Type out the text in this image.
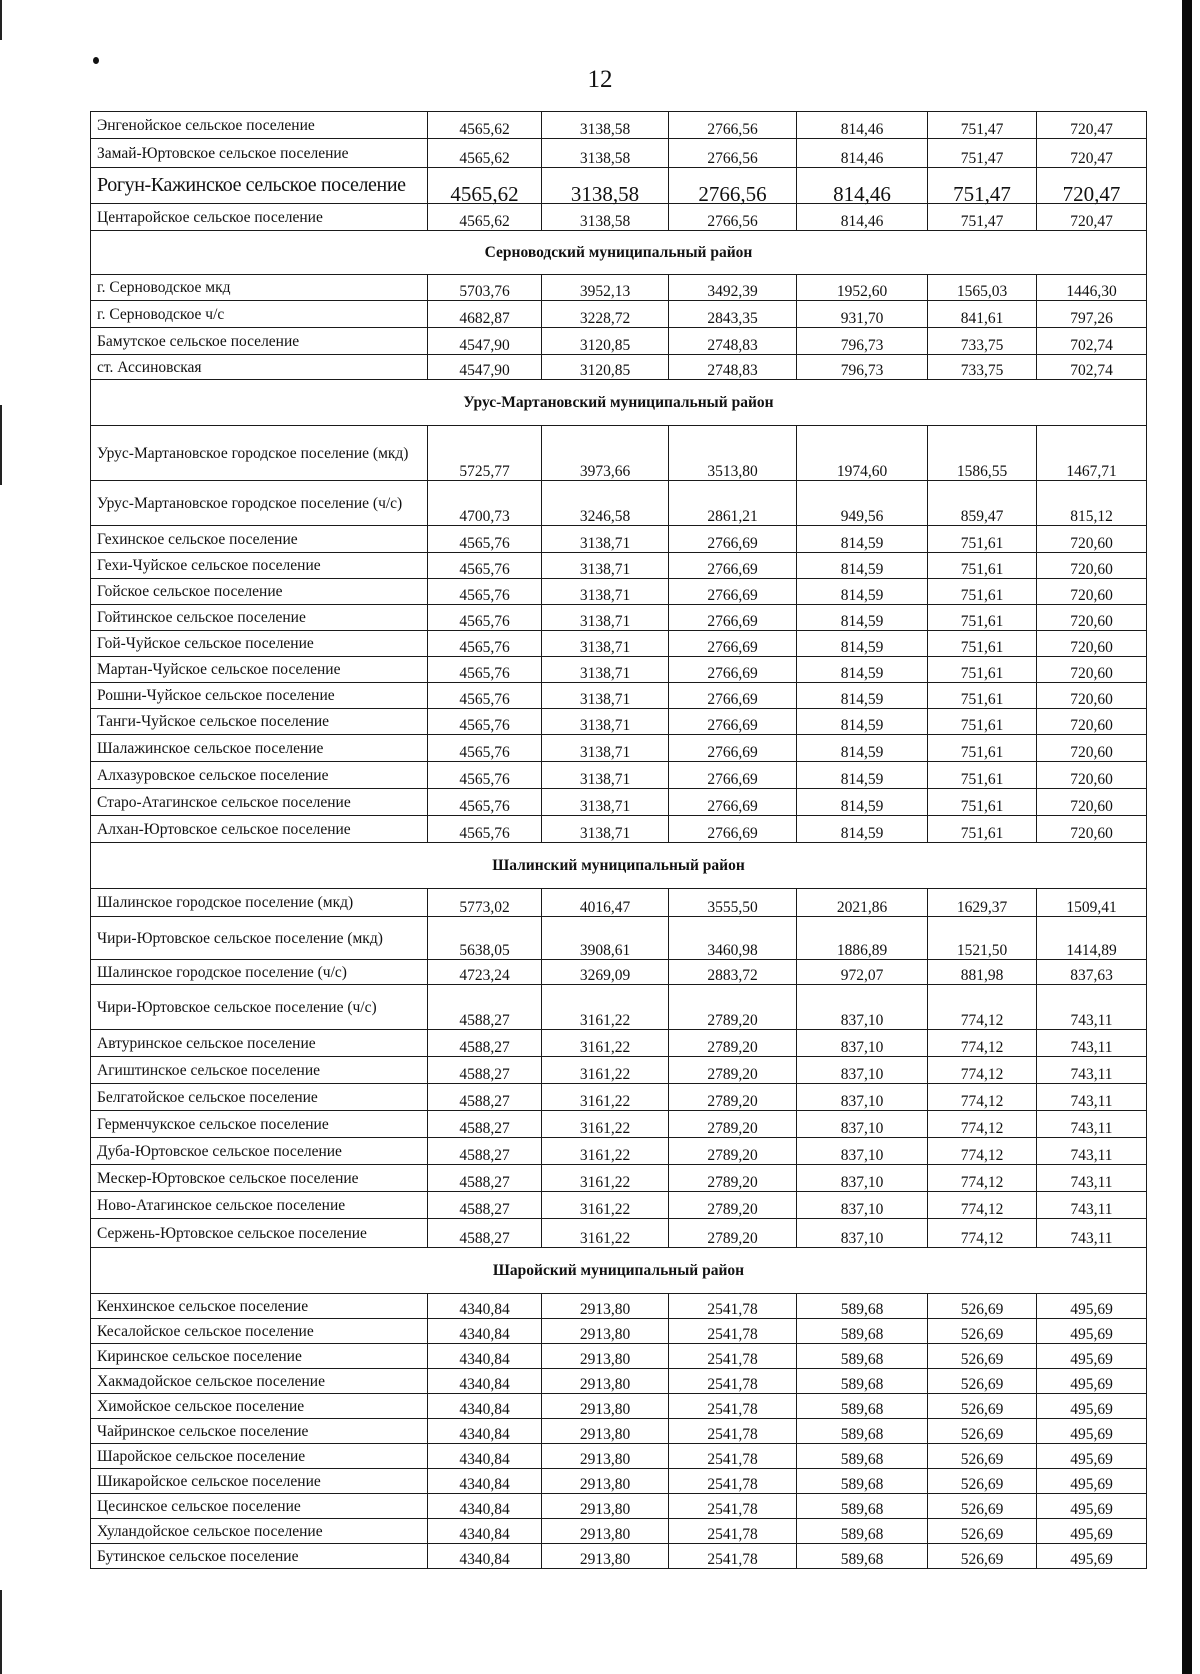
12
Энгенойское сельское поселение	4565,62	3138,58	2766,56	814,46	751,47	720,47
Замай-Юртовское сельское поселение	4565,62	3138,58	2766,56	814,46	751,47	720,47
Рогун-Кажинское сельское поселение	4565,62	3138,58	2766,56	814,46	751,47	720,47
Центаройское сельское поселение	4565,62	3138,58	2766,56	814,46	751,47	720,47
Серноводский муниципальный район						
г. Серноводское мкд	5703,76	3952,13	3492,39	1952,60	1565,03	1446,30
г. Серноводское ч/с	4682,87	3228,72	2843,35	931,70	841,61	797,26
Бамутское сельское поселение	4547,90	3120,85	2748,83	796,73	733,75	702,74
ст. Ассиновская	4547,90	3120,85	2748,83	796,73	733,75	702,74
Урус-Мартановский муниципальный район						
Урус-Мартановское городское поселение (мкд)	5725,77	3973,66	3513,80	1974,60	1586,55	1467,71
Урус-Мартановское городское поселение (ч/с)	4700,73	3246,58	2861,21	949,56	859,47	815,12
Гехинское сельское поселение	4565,76	3138,71	2766,69	814,59	751,61	720,60
Гехи-Чуйское сельское поселение	4565,76	3138,71	2766,69	814,59	751,61	720,60
Гойское сельское поселение	4565,76	3138,71	2766,69	814,59	751,61	720,60
Гойтинское сельское поселение	4565,76	3138,71	2766,69	814,59	751,61	720,60
Гой-Чуйское сельское поселение	4565,76	3138,71	2766,69	814,59	751,61	720,60
Мартан-Чуйское сельское поселение	4565,76	3138,71	2766,69	814,59	751,61	720,60
Рошни-Чуйское сельское поселение	4565,76	3138,71	2766,69	814,59	751,61	720,60
Танги-Чуйское сельское поселение	4565,76	3138,71	2766,69	814,59	751,61	720,60
Шалажинское сельское поселение	4565,76	3138,71	2766,69	814,59	751,61	720,60
Алхазуровское сельское поселение	4565,76	3138,71	2766,69	814,59	751,61	720,60
Старо-Атагинское сельское поселение	4565,76	3138,71	2766,69	814,59	751,61	720,60
Алхан-Юртовское сельское поселение	4565,76	3138,71	2766,69	814,59	751,61	720,60
Шалинский муниципальный район						
Шалинское городское поселение (мкд)	5773,02	4016,47	3555,50	2021,86	1629,37	1509,41
Чири-Юртовское сельское поселение (мкд)	5638,05	3908,61	3460,98	1886,89	1521,50	1414,89
Шалинское городское поселение (ч/с)	4723,24	3269,09	2883,72	972,07	881,98	837,63
Чири-Юртовское сельское поселение (ч/с)	4588,27	3161,22	2789,20	837,10	774,12	743,11
Автуринское сельское поселение	4588,27	3161,22	2789,20	837,10	774,12	743,11
Агиштинское сельское поселение	4588,27	3161,22	2789,20	837,10	774,12	743,11
Белгатойское сельское поселение	4588,27	3161,22	2789,20	837,10	774,12	743,11
Герменчукское сельское поселение	4588,27	3161,22	2789,20	837,10	774,12	743,11
Дуба-Юртовское сельское поселение	4588,27	3161,22	2789,20	837,10	774,12	743,11
Мескер-Юртовское сельское поселение	4588,27	3161,22	2789,20	837,10	774,12	743,11
Ново-Атагинское сельское поселение	4588,27	3161,22	2789,20	837,10	774,12	743,11
Сержень-Юртовское сельское поселение	4588,27	3161,22	2789,20	837,10	774,12	743,11
Шаройский муниципальный район						
Кенхинское сельское поселение	4340,84	2913,80	2541,78	589,68	526,69	495,69
Кесалойское сельское поселение	4340,84	2913,80	2541,78	589,68	526,69	495,69
Киринское сельское поселение	4340,84	2913,80	2541,78	589,68	526,69	495,69
Хакмадойское сельское поселение	4340,84	2913,80	2541,78	589,68	526,69	495,69
Химойское сельское поселение	4340,84	2913,80	2541,78	589,68	526,69	495,69
Чайринское сельское поселение	4340,84	2913,80	2541,78	589,68	526,69	495,69
Шаройское сельское поселение	4340,84	2913,80	2541,78	589,68	526,69	495,69
Шикаройское сельское поселение	4340,84	2913,80	2541,78	589,68	526,69	495,69
Цесинское сельское поселение	4340,84	2913,80	2541,78	589,68	526,69	495,69
Хуландойское сельское поселение	4340,84	2913,80	2541,78	589,68	526,69	495,69
Бутинское сельское поселение	4340,84	2913,80	2541,78	589,68	526,69	495,69
